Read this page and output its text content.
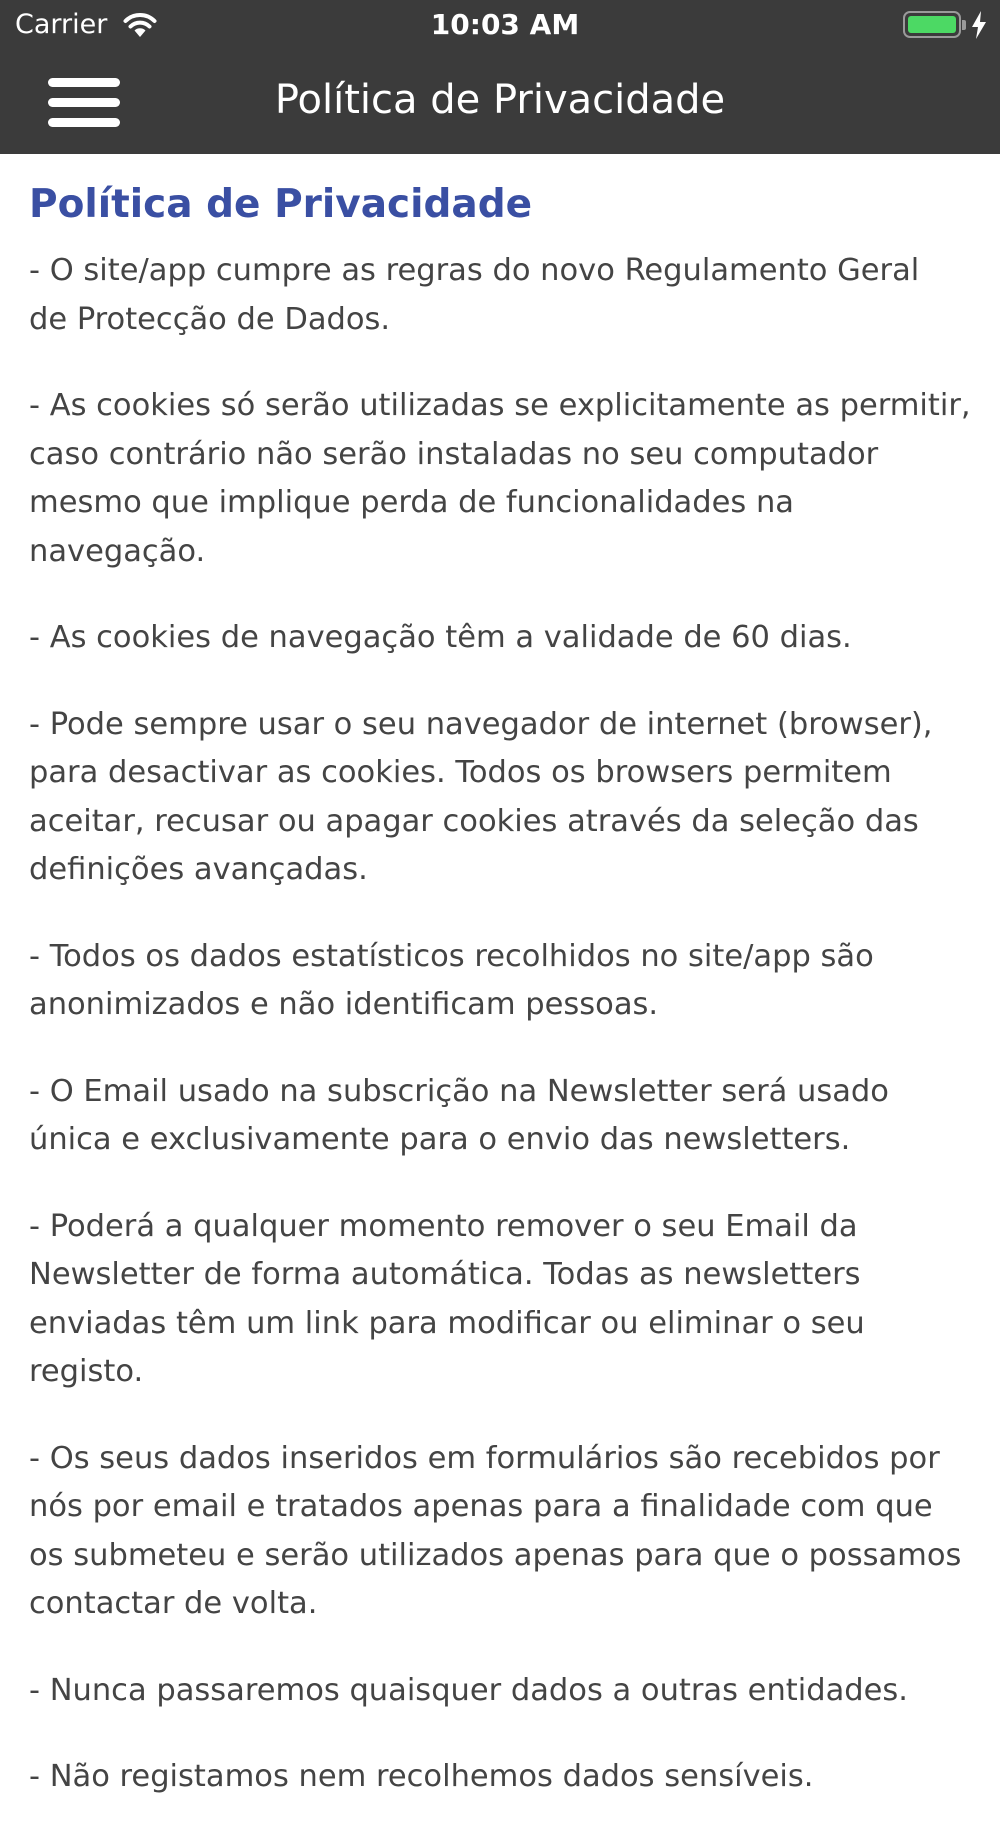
Carrier	10:03 AM
Política de Privacidade
Política de Privacidade

- O site/app cumpre as regras do novo Regulamento Geral
de Protecção de Dados.

- As cookies só serão utilizadas se explicitamente as permitir,
caso contrário não serão instaladas no seu computador
mesmo que implique perda de funcionalidades na
navegação.

- As cookies de navegação têm a validade de 60 dias.

- Pode sempre usar o seu navegador de internet (browser),
para desactivar as cookies. Todos os browsers permitem
aceitar, recusar ou apagar cookies através da seleção das
definições avançadas.

- Todos os dados estatísticos recolhidos no site/app são
anonimizados e não identificam pessoas.

- O Email usado na subscrição na Newsletter será usado
única e exclusivamente para o envio das newsletters.

- Poderá a qualquer momento remover o seu Email da
Newsletter de forma automática. Todas as newsletters
enviadas têm um link para modificar ou eliminar o seu
registo.

- Os seus dados inseridos em formulários são recebidos por
nós por email e tratados apenas para a finalidade com que
os submeteu e serão utilizados apenas para que o possamos
contactar de volta.

- Nunca passaremos quaisquer dados a outras entidades.

- Não registamos nem recolhemos dados sensíveis.
